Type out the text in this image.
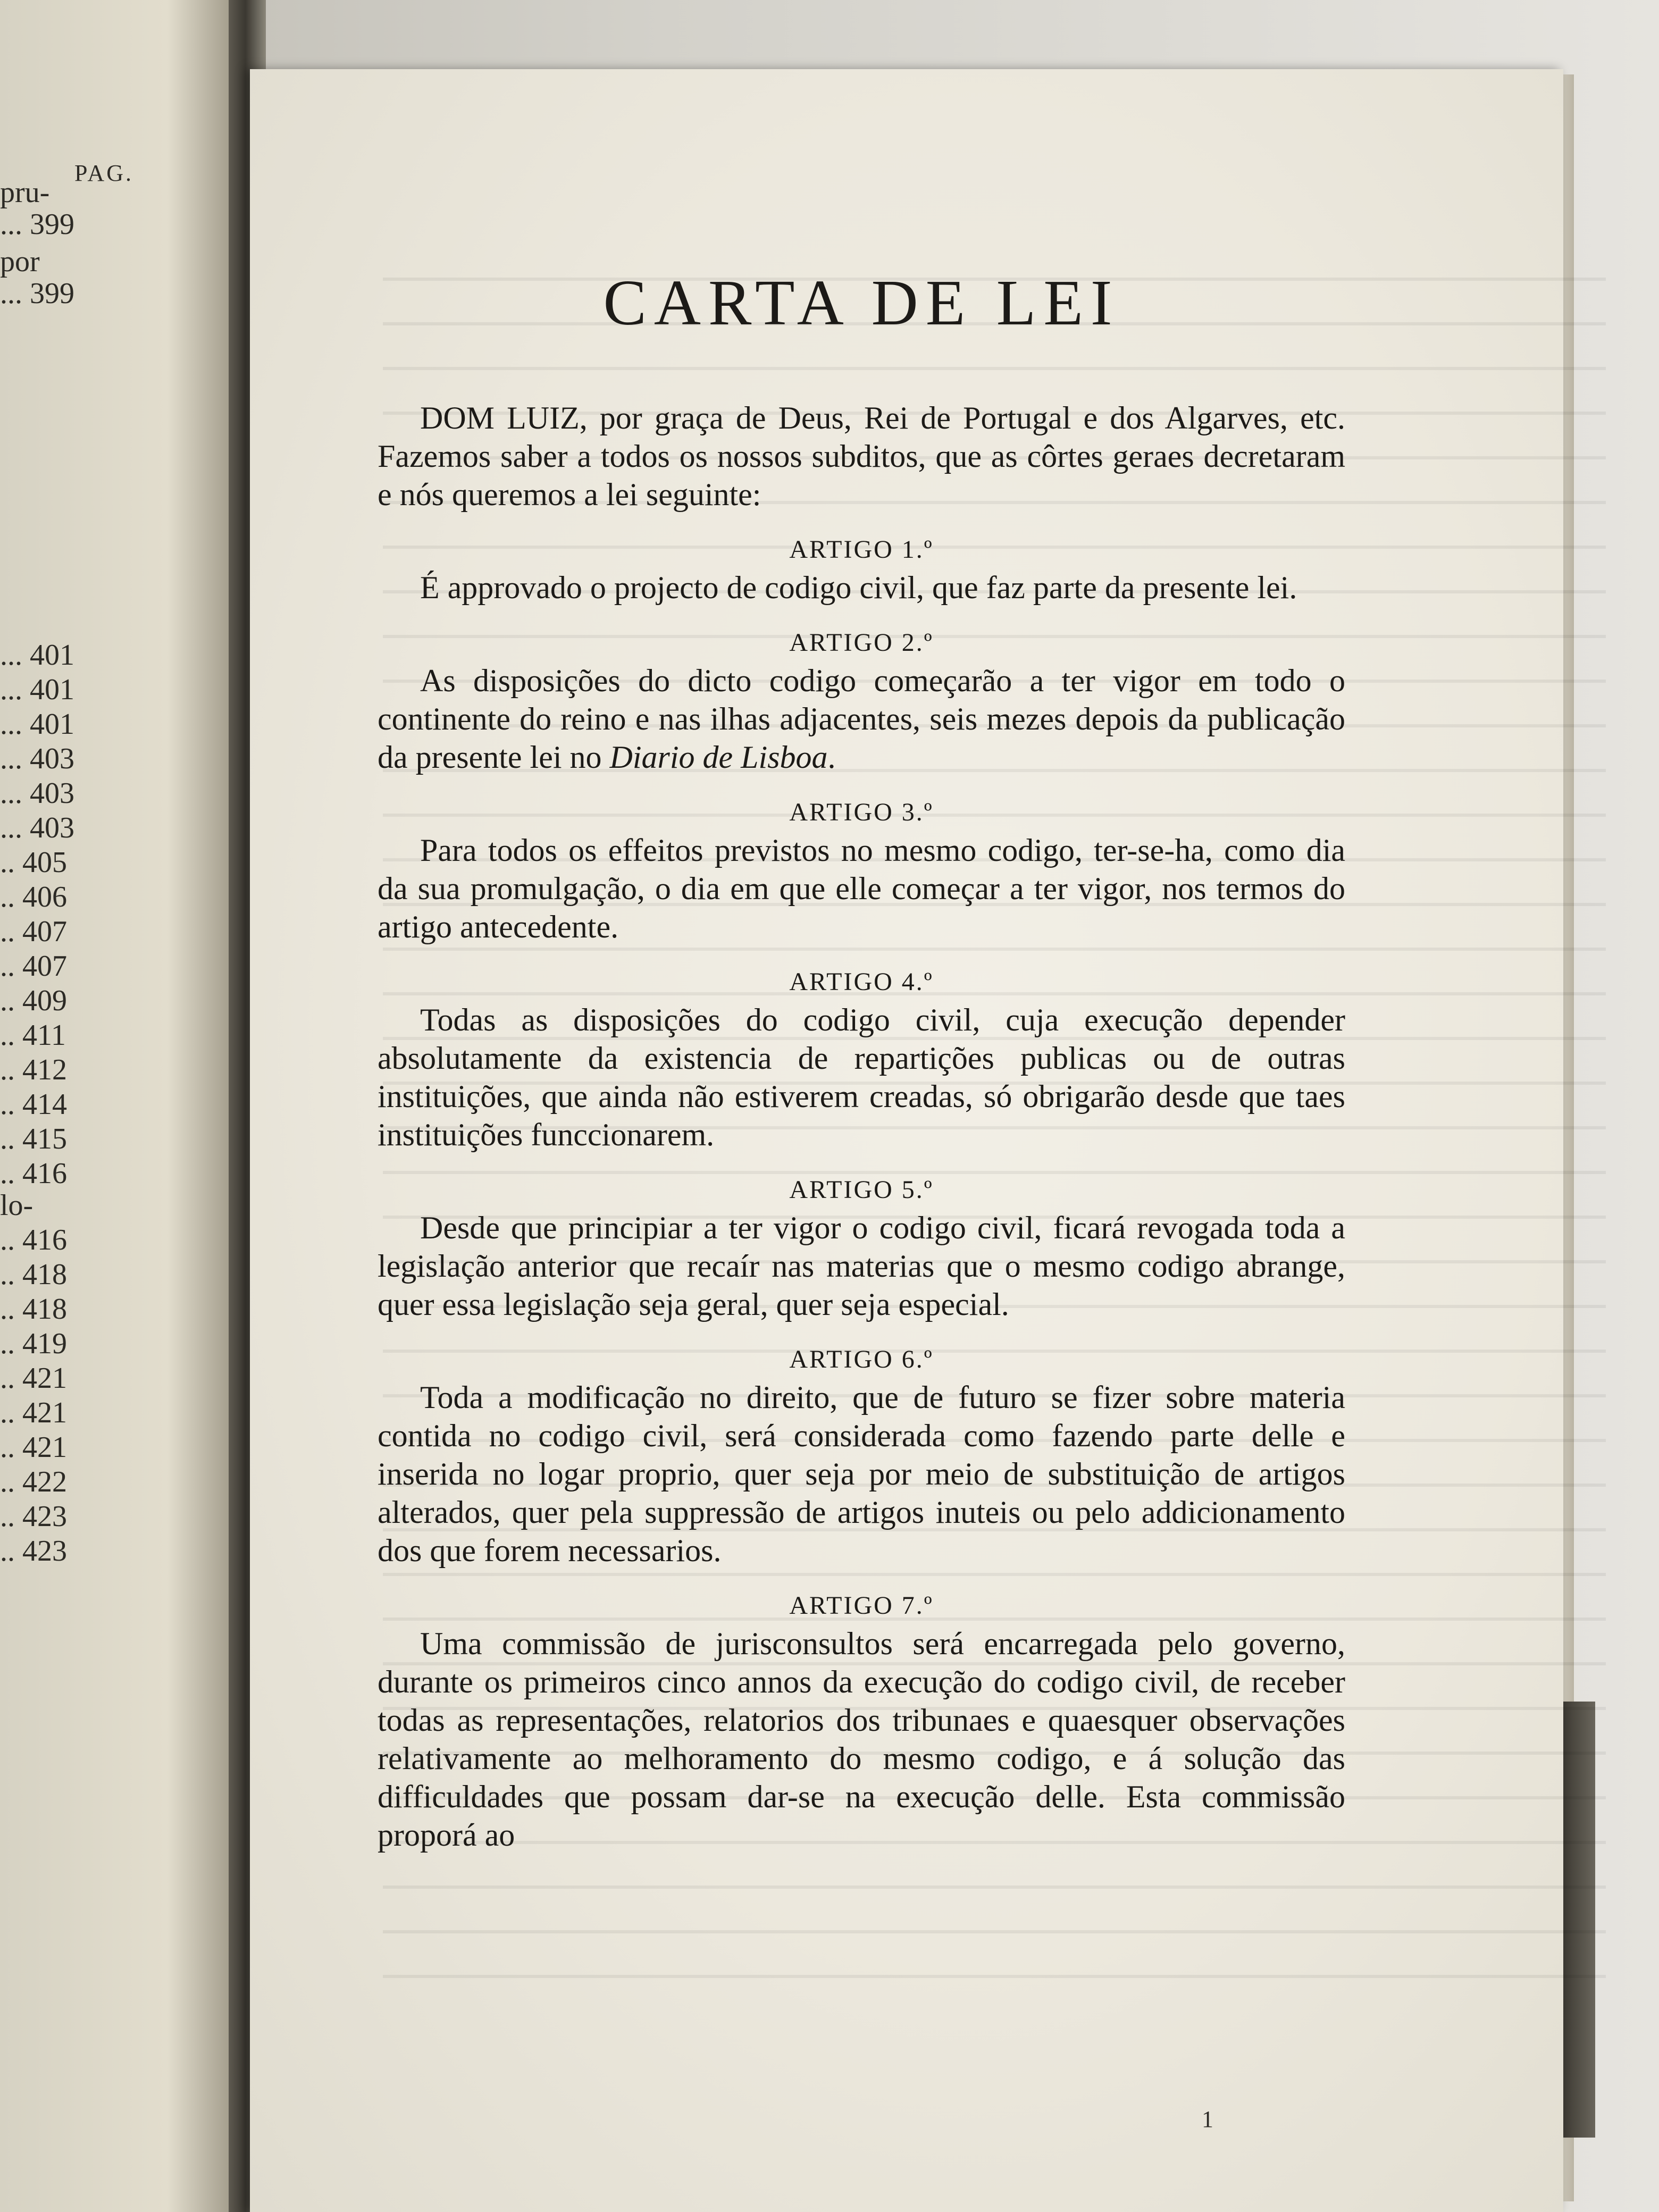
PAG.
pru-
... 399
por
... 399
... 401
... 401
... 401
... 403
... 403
... 403
.. 405
.. 406
.. 407
.. 407
.. 409
.. 411
.. 412
.. 414
.. 415
.. 416
lo-
.. 416
.. 418
.. 418
.. 419
.. 421
.. 421
.. 421
.. 422
.. 423
.. 423
CARTA DE LEI

DOM LUIZ, por graça de Deus, Rei de Portugal e dos Algarves, etc. Fazemos saber a todos os nossos subditos, que as côrtes geraes decretaram e nós queremos a lei seguinte:

ARTIGO 1.º

É approvado o projecto de codigo civil, que faz parte da presente lei.

ARTIGO 2.º

As disposições do dicto codigo começarão a ter vigor em todo o continente do reino e nas ilhas adjacentes, seis mezes depois da publicação da presente lei no Diario de Lisboa.

ARTIGO 3.º

Para todos os effeitos previstos no mesmo codigo, ter-se-ha, como dia da sua promulgação, o dia em que elle começar a ter vigor, nos termos do artigo antecedente.

ARTIGO 4.º

Todas as disposições do codigo civil, cuja execução depender absolutamente da existencia de repartições publicas ou de outras instituições, que ainda não estiverem creadas, só obrigarão desde que taes instituições funccionarem.

ARTIGO 5.º

Desde que principiar a ter vigor o codigo civil, ficará revogada toda a legislação anterior que recaír nas materias que o mesmo codigo abrange, quer essa legislação seja geral, quer seja especial.

ARTIGO 6.º

Toda a modificação no direito, que de futuro se fizer sobre materia contida no codigo civil, será considerada como fazendo parte delle e inserida no logar proprio, quer seja por meio de substituição de artigos alterados, quer pela suppressão de artigos inuteis ou pelo addicionamento dos que forem necessarios.

ARTIGO 7.º

Uma commissão de jurisconsultos será encarregada pelo governo, durante os primeiros cinco annos da execução do codigo civil, de receber todas as representações, relatorios dos tribunaes e quaesquer observações relativamente ao melhoramento do mesmo codigo, e á solução das difficuldades que possam dar-se na execução delle. Esta commissão proporá ao

1
